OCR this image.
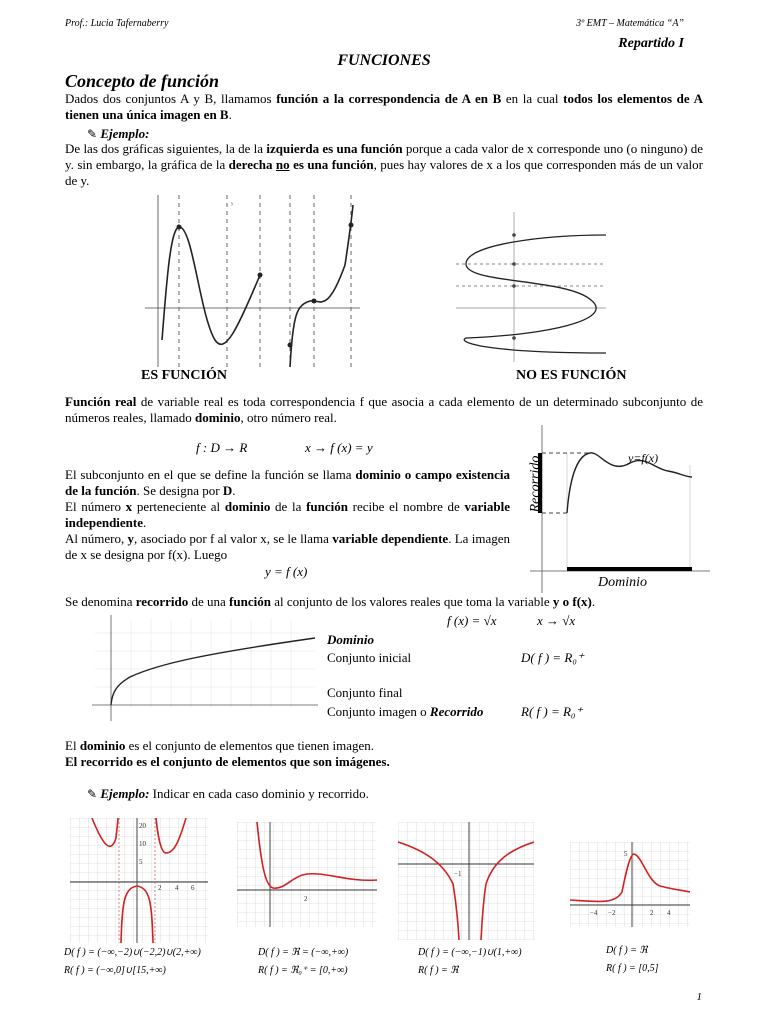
Prof.: Lucia Tafernaberry	3º EMT – Matemática “A”
Repartido I
FUNCIONES
Concepto de función
Dados dos conjuntos A y B, llamamos función a la correspondencia de A en B en la cual todos los elementos de A tienen una única imagen en B.
✎ Ejemplo:
De las dos gráficas siguientes, la de la izquierda es una función porque a cada valor de x corresponde uno (o ninguno) de y. sin embargo, la gráfica de la derecha no es una función, pues hay valores de x a los que corresponden más de un valor de y.
y
ES FUNCIÓN	NO ES FUNCIÓN
Función real de variable real es toda correspondencia f que asocia a cada elemento de un determinado subconjunto de números reales, llamado dominio, otro número real.
f : D → R	x → f (x) = y
El subconjunto en el que se define la función se llama dominio o campo existencia de la función. Se designa por D.
El número x perteneciente al dominio de la función recibe el nombre de variable independiente.
Al número, y, asociado por f al valor x, se le llama variable dependiente. La imagen de x se designa por f(x). Luego
y = f (x)
y=f(x)
Recorrido
Dominio
Se denomina recorrido de una función al conjunto de los valores reales que toma la variable y o f(x).
f (x) = √x	x → √x
Dominio
Conjunto inicial	D( f ) = R₀⁺
Conjunto final
Conjunto imagen o Recorrido	R( f ) = R₀⁺
El dominio es el conjunto de elementos que tienen imagen.
El recorrido es el conjunto de elementos que son imágenes.
✎ Ejemplo: Indicar en cada caso dominio y recorrido.
20
10
5
2 4 6
2
−1
5
−4 −2	2 4
D( f ) = (−∞,−2)∪(−2,2)∪(2,+∞)
R( f ) = (−∞,0]∪[15,+∞)
D( f ) = ℜ = (−∞,+∞)
R( f ) = ℜ₀⁺ = [0,+∞)
D( f ) = (−∞,−1)∪(1,+∞)
R( f ) = ℜ
D( f ) = ℜ
R( f ) = [0,5]
1
